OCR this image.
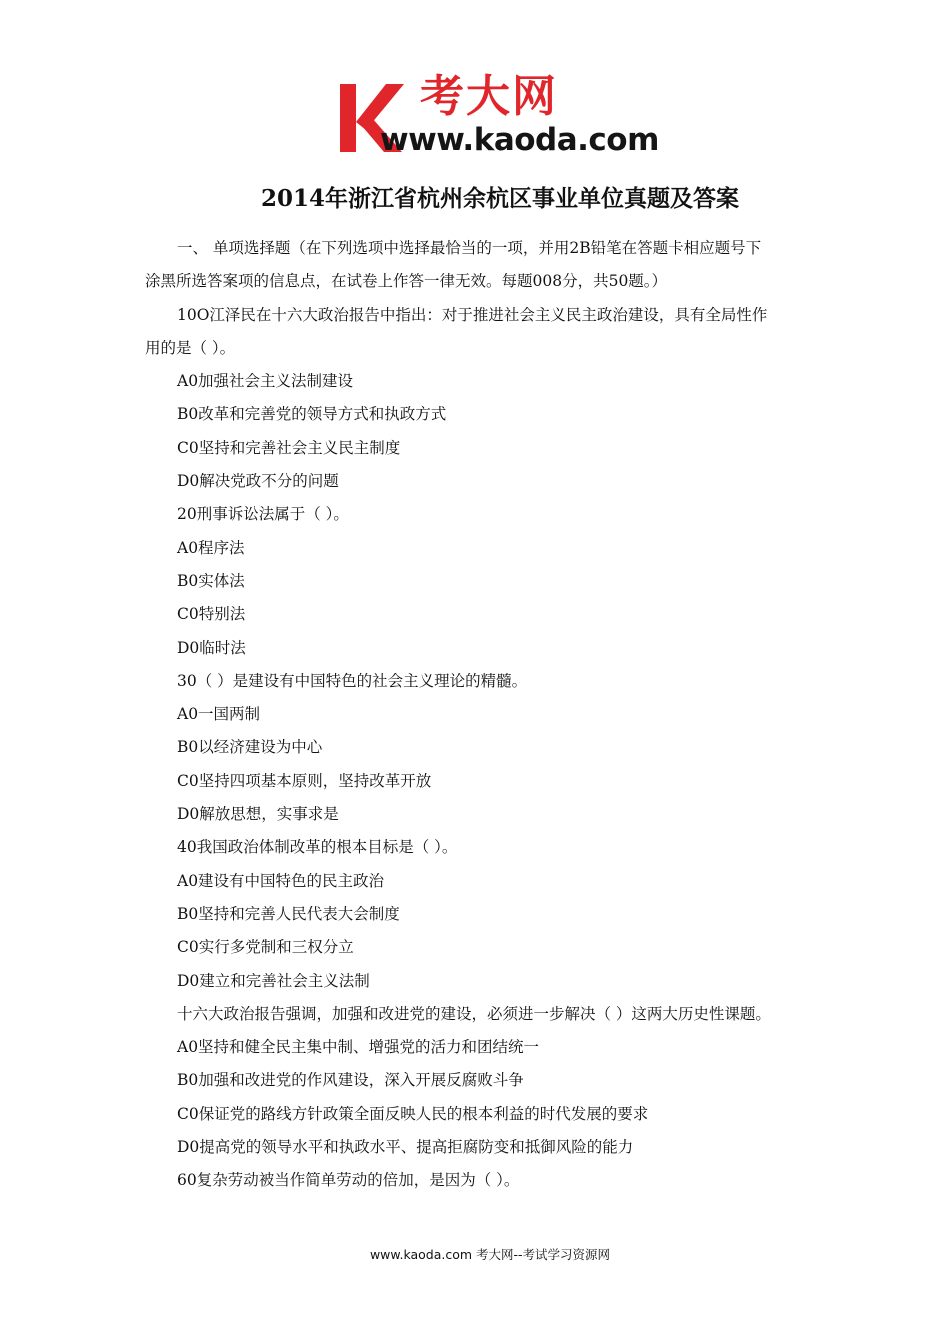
考大网
www.kaoda.com
2014年浙江省杭州余杭区事业单位真题及答案
一、 单项选择题（在下列选项中选择最恰当的一项，并用2B铅笔在答题卡相应题号下
涂黑所选答案项的信息点，在试卷上作答一律无效。每题008分，共50题。）
10O江泽民在十六大政治报告中指出：对于推进社会主义民主政治建设，具有全局性作
用的是（ ）。
A0加强社会主义法制建设
B0改革和完善党的领导方式和执政方式
C0坚持和完善社会主义民主制度
D0解决党政不分的问题
20刑事诉讼法属于（ ）。
A0程序法
B0实体法
C0特别法
D0临时法
30（ ）是建设有中国特色的社会主义理论的精髓。
A0一国两制
B0以经济建设为中心
C0坚持四项基本原则，坚持改革开放
D0解放思想，实事求是
40我国政治体制改革的根本目标是（ ）。
A0建设有中国特色的民主政治
B0坚持和完善人民代表大会制度
C0实行多党制和三权分立
D0建立和完善社会主义法制
十六大政治报告强调，加强和改进党的建设，必须进一步解决（ ）这两大历史性课题。
A0坚持和健全民主集中制、增强党的活力和团结统一
B0加强和改进党的作风建设，深入开展反腐败斗争
C0保证党的路线方针政策全面反映人民的根本利益的时代发展的要求
D0提高党的领导水平和执政水平、提高拒腐防变和抵御风险的能力
60复杂劳动被当作简单劳动的倍加，是因为（ ）。
www.kaoda.com 考大网--考试学习资源网
